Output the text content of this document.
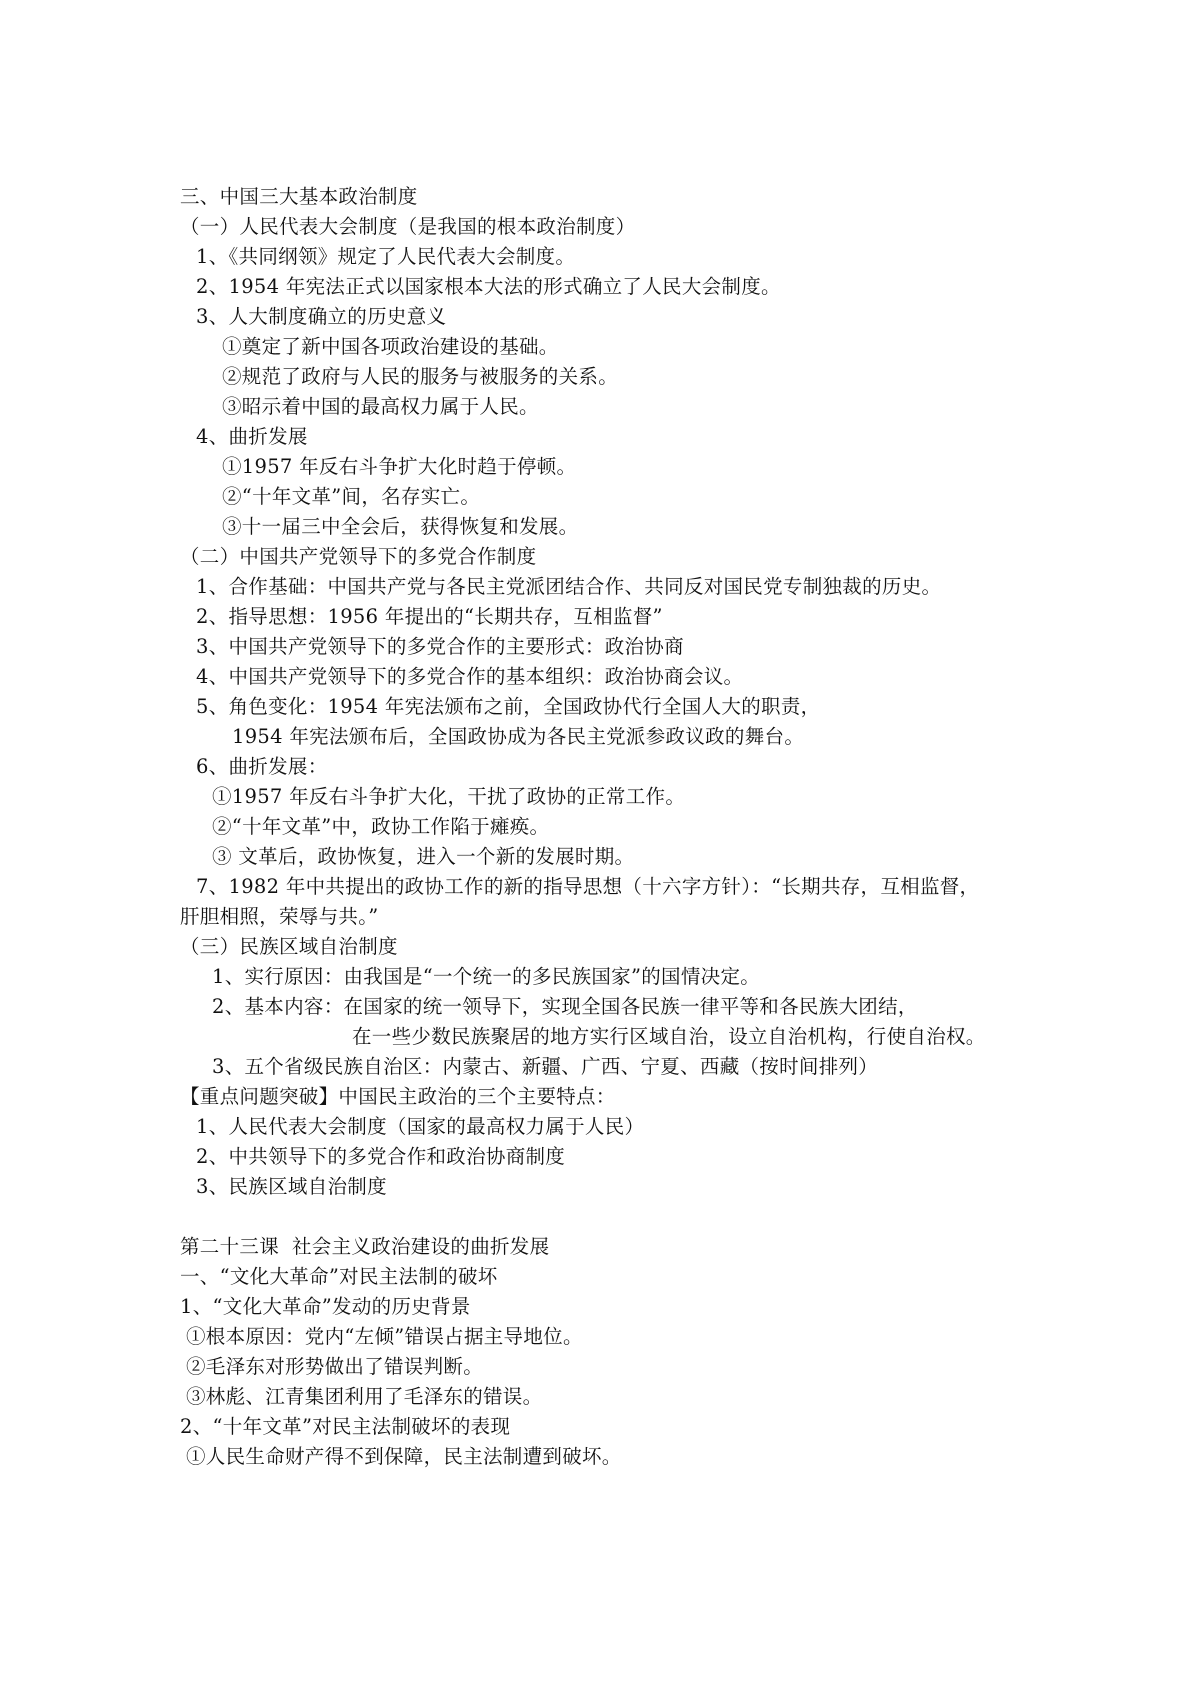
三、中国三大基本政治制度
（一）人民代表大会制度（是我国的根本政治制度）
1、《共同纲领》规定了人民代表大会制度。
2、1954 年宪法正式以国家根本大法的形式确立了人民大会制度。
3、人大制度确立的历史意义
①奠定了新中国各项政治建设的基础。
②规范了政府与人民的服务与被服务的关系。
③昭示着中国的最高权力属于人民。
4、曲折发展
①1957 年反右斗争扩大化时趋于停顿。
②“十年文革”间，名存实亡。
③十一届三中全会后，获得恢复和发展。
（二）中国共产党领导下的多党合作制度
1、合作基础：中国共产党与各民主党派团结合作、共同反对国民党专制独裁的历史。
2、指导思想：1956 年提出的“长期共存，互相监督”
3、中国共产党领导下的多党合作的主要形式：政治协商
4、中国共产党领导下的多党合作的基本组织：政治协商会议。
5、角色变化：1954 年宪法颁布之前，全国政协代行全国人大的职责，
1954 年宪法颁布后，全国政协成为各民主党派参政议政的舞台。
6、曲折发展：
①1957 年反右斗争扩大化，干扰了政协的正常工作。
②“十年文革”中，政协工作陷于瘫痪。
③ 文革后，政协恢复，进入一个新的发展时期。
7、1982 年中共提出的政协工作的新的指导思想（十六字方针）：“长期共存，互相监督，
肝胆相照，荣辱与共。”
（三）民族区域自治制度
1、实行原因：由我国是“一个统一的多民族国家”的国情决定。
2、基本内容：在国家的统一领导下，实现全国各民族一律平等和各民族大团结，
在一些少数民族聚居的地方实行区域自治，设立自治机构，行使自治权。
3、五个省级民族自治区：内蒙古、新疆、广西、宁夏、西藏（按时间排列）
【重点问题突破】中国民主政治的三个主要特点：
1、人民代表大会制度（国家的最高权力属于人民）
2、中共领导下的多党合作和政治协商制度
3、民族区域自治制度
第二十三课  社会主义政治建设的曲折发展
一、“文化大革命”对民主法制的破坏
1、“文化大革命”发动的历史背景
①根本原因：党内“左倾”错误占据主导地位。
②毛泽东对形势做出了错误判断。
③林彪、江青集团利用了毛泽东的错误。
2、“十年文革”对民主法制破坏的表现
①人民生命财产得不到保障，民主法制遭到破坏。
